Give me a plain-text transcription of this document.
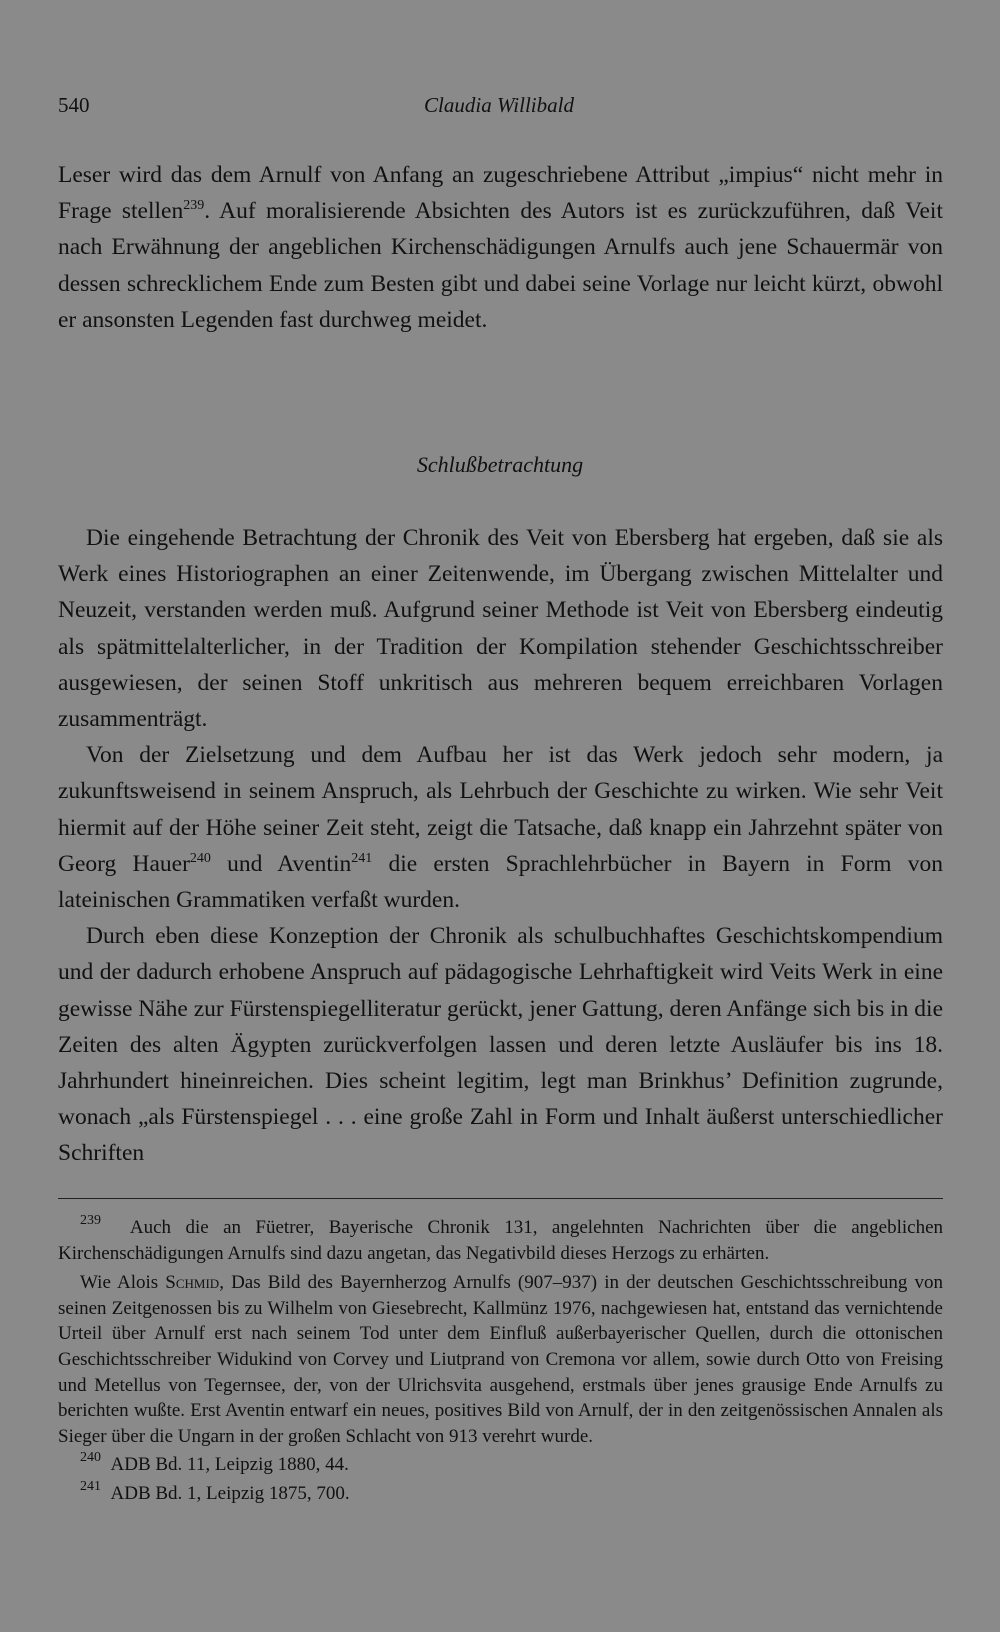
540	Claudia Willibald

Leser wird das dem Arnulf von Anfang an zugeschriebene Attribut „impius“ nicht mehr in Frage stellen$^{239}$. Auf moralisierende Absichten des Autors ist es zurückzuführen, daß Veit nach Erwähnung der angeblichen Kirchenschädigungen Arnulfs auch jene Schauermär von dessen schrecklichem Ende zum Besten gibt und dabei seine Vorlage nur leicht kürzt, obwohl er ansonsten Legenden fast durchweg meidet.

Schlußbetrachtung

Die eingehende Betrachtung der Chronik des Veit von Ebersberg hat ergeben, daß sie als Werk eines Historiographen an einer Zeitenwende, im Übergang zwischen Mittelalter und Neuzeit, verstanden werden muß. Aufgrund seiner Methode ist Veit von Ebersberg eindeutig als spätmittelalterlicher, in der Tradition der Kompilation stehender Geschichtsschreiber ausgewiesen, der seinen Stoff unkritisch aus mehreren bequem erreichbaren Vorlagen zusammenträgt.

Von der Zielsetzung und dem Aufbau her ist das Werk jedoch sehr modern, ja zukunftsweisend in seinem Anspruch, als Lehrbuch der Geschichte zu wirken. Wie sehr Veit hiermit auf der Höhe seiner Zeit steht, zeigt die Tatsache, daß knapp ein Jahrzehnt später von Georg Hauer$^{240}$ und Aventin$^{241}$ die ersten Sprachlehrbücher in Bayern in Form von lateinischen Grammatiken verfaßt wurden.

Durch eben diese Konzeption der Chronik als schulbuchhaftes Geschichtskompendium und der dadurch erhobene Anspruch auf pädagogische Lehrhaftigkeit wird Veits Werk in eine gewisse Nähe zur Fürstenspiegelliteratur gerückt, jener Gattung, deren Anfänge sich bis in die Zeiten des alten Ägypten zurückverfolgen lassen und deren letzte Ausläufer bis ins 18. Jahrhundert hineinreichen. Dies scheint legitim, legt man Brinkhus’ Definition zugrunde, wonach „als Fürstenspiegel . . . eine große Zahl in Form und Inhalt äußerst unterschiedlicher Schriften

$^{239}$ Auch die an Füetrer, Bayerische Chronik 131, angelehnten Nachrichten über die angeblichen Kirchenschädigungen Arnulfs sind dazu angetan, das Negativbild dieses Herzogs zu erhärten.

Wie Alois Schmid, Das Bild des Bayernherzog Arnulfs (907–937) in der deutschen Geschichtsschreibung von seinen Zeitgenossen bis zu Wilhelm von Giesebrecht, Kallmünz 1976, nachgewiesen hat, entstand das vernichtende Urteil über Arnulf erst nach seinem Tod unter dem Einfluß außerbayerischer Quellen, durch die ottonischen Geschichtsschreiber Widukind von Corvey und Liutprand von Cremona vor allem, sowie durch Otto von Freising und Metellus von Tegernsee, der, von der Ulrichsvita ausgehend, erstmals über jenes grausige Ende Arnulfs zu berichten wußte. Erst Aventin entwarf ein neues, positives Bild von Arnulf, der in den zeitgenössischen Annalen als Sieger über die Ungarn in der großen Schlacht von 913 verehrt wurde.

$^{240}$ ADB Bd. 11, Leipzig 1880, 44.

$^{241}$ ADB Bd. 1, Leipzig 1875, 700.
